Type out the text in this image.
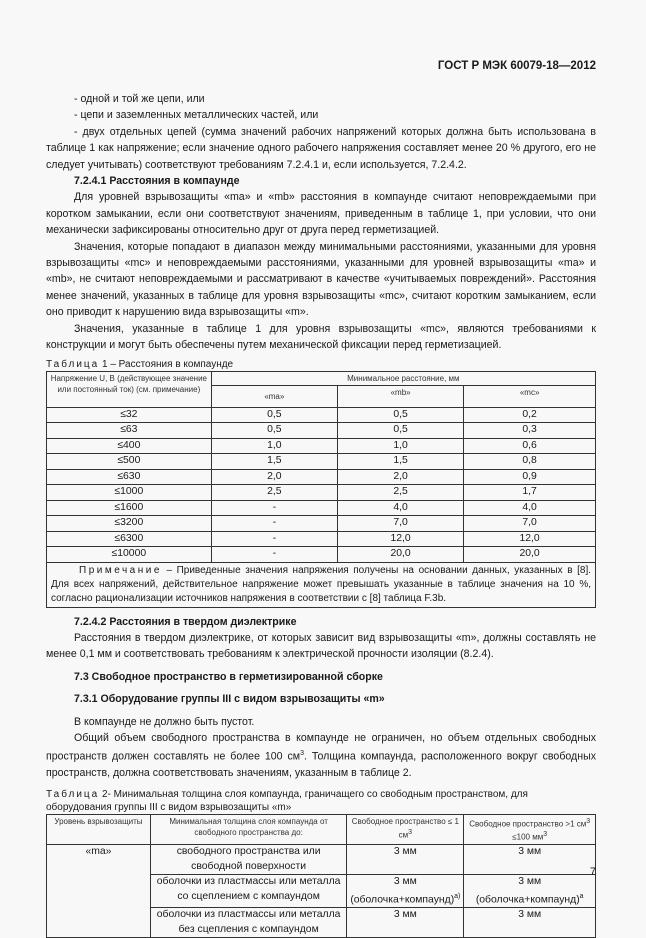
ГОСТ Р МЭК 60079-18—2012

- одной и той же цепи, или

- цепи и заземленных металлических частей, или

- двух отдельных цепей (сумма значений рабочих напряжений которых должна быть использована в таблице 1 как напряжение; если значение одного рабочего напряжения составляет менее 20 % другого, его не следует учитывать) соответствуют требованиям 7.2.4.1 и, если используется, 7.2.4.2.

7.2.4.1 Расстояния в компаунде

Для уровней взрывозащиты «ma» и «mb» расстояния в компаунде считают неповреждаемыми при коротком замыкании, если они соответствуют значениям, приведенным в таблице 1, при условии, что они механически зафиксированы относительно друг от друга перед герметизацией.

Значения, которые попадают в диапазон между минимальными расстояниями, указанными для уровня взрывозащиты «mc» и неповреждаемыми расстояниями, указанными для уровней взрывозащиты «ma» и «mb», не считают неповреждаемыми и рассматривают в качестве «учитываемых повреждений». Расстояния менее значений, указанных в таблице для уровня взрывозащиты «mc», считают коротким замыканием, если оно приводит к нарушению вида взрывозащиты «m».

Значения, указанные в таблице 1 для уровня взрывозащиты «mc», являются требованиями к конструкции и могут быть обеспечены путем механической фиксации перед герметизацией.

Таблица 1 – Расстояния в компаунде
Напряжение U, В (действующее значение или постоянный ток) (см. примечание)	Минимальное расстояние, мм		
	«ma»	«mb»	«mc»
≤32	0,5	0,5	0,2
≤63	0,5	0,5	0,3
≤400	1,0	1,0	0,6
≤500	1,5	1,5	0,8
≤630	2,0	2,0	0,9
≤1000	2,5	2,5	1,7
≤1600	-	4,0	4,0
≤3200	-	7,0	7,0
≤6300	-	12,0	12,0
≤10000	-	20,0	20,0
Примечание – Приведенные значения напряжения получены на основании данных, указанных в [8]. Для всех напряжений, действительное напряжение может превышать указанные в таблице значения на 10 %, согласно рационализации источников напряжения в соответствии с [8] таблица F.3b.			
7.2.4.2 Расстояния в твердом диэлектрике

Расстояния в твердом диэлектрике, от которых зависит вид взрывозащиты «m», должны составлять не менее 0,1 мм и соответствовать требованиям к электрической прочности изоляции (8.2.4).

7.3 Свободное пространство в герметизированной сборке
7.3.1 Оборудование группы III с видом взрывозащиты «m»

В компаунде не должно быть пустот.

Общий объем свободного пространства в компаунде не ограничен, но объем отдельных свободных пространств должен составлять не более 100 $см^3$. Толщина компаунда, расположенного вокруг свободных пространств, должна соответствовать значениям, указанным в таблице 2.

Таблица 2- Минимальная толщина слоя компаунда, граничащего со свободным пространством, для оборудования группы III с видом взрывозащиты «m»
Уровень взрывозащиты	Минимальная толщина слоя компаунда от свободного пространства до:	Свободное пространство ≤ 1 $см^3$	Свободное пространство >1 $см^3 \le 100$ $мм^3$
«ma»	свободного пространства или свободной поверхности	3 мм	3 мм
	оболочки из пластмассы или металла со сцеплением с компаундом	3 мм (оболочка+компаунд)$^{a)}$	3 мм (оболочка+компаунд)$^a$
	оболочки из пластмассы или металла без сцепления с компаундом	3 мм	3 мм
7
